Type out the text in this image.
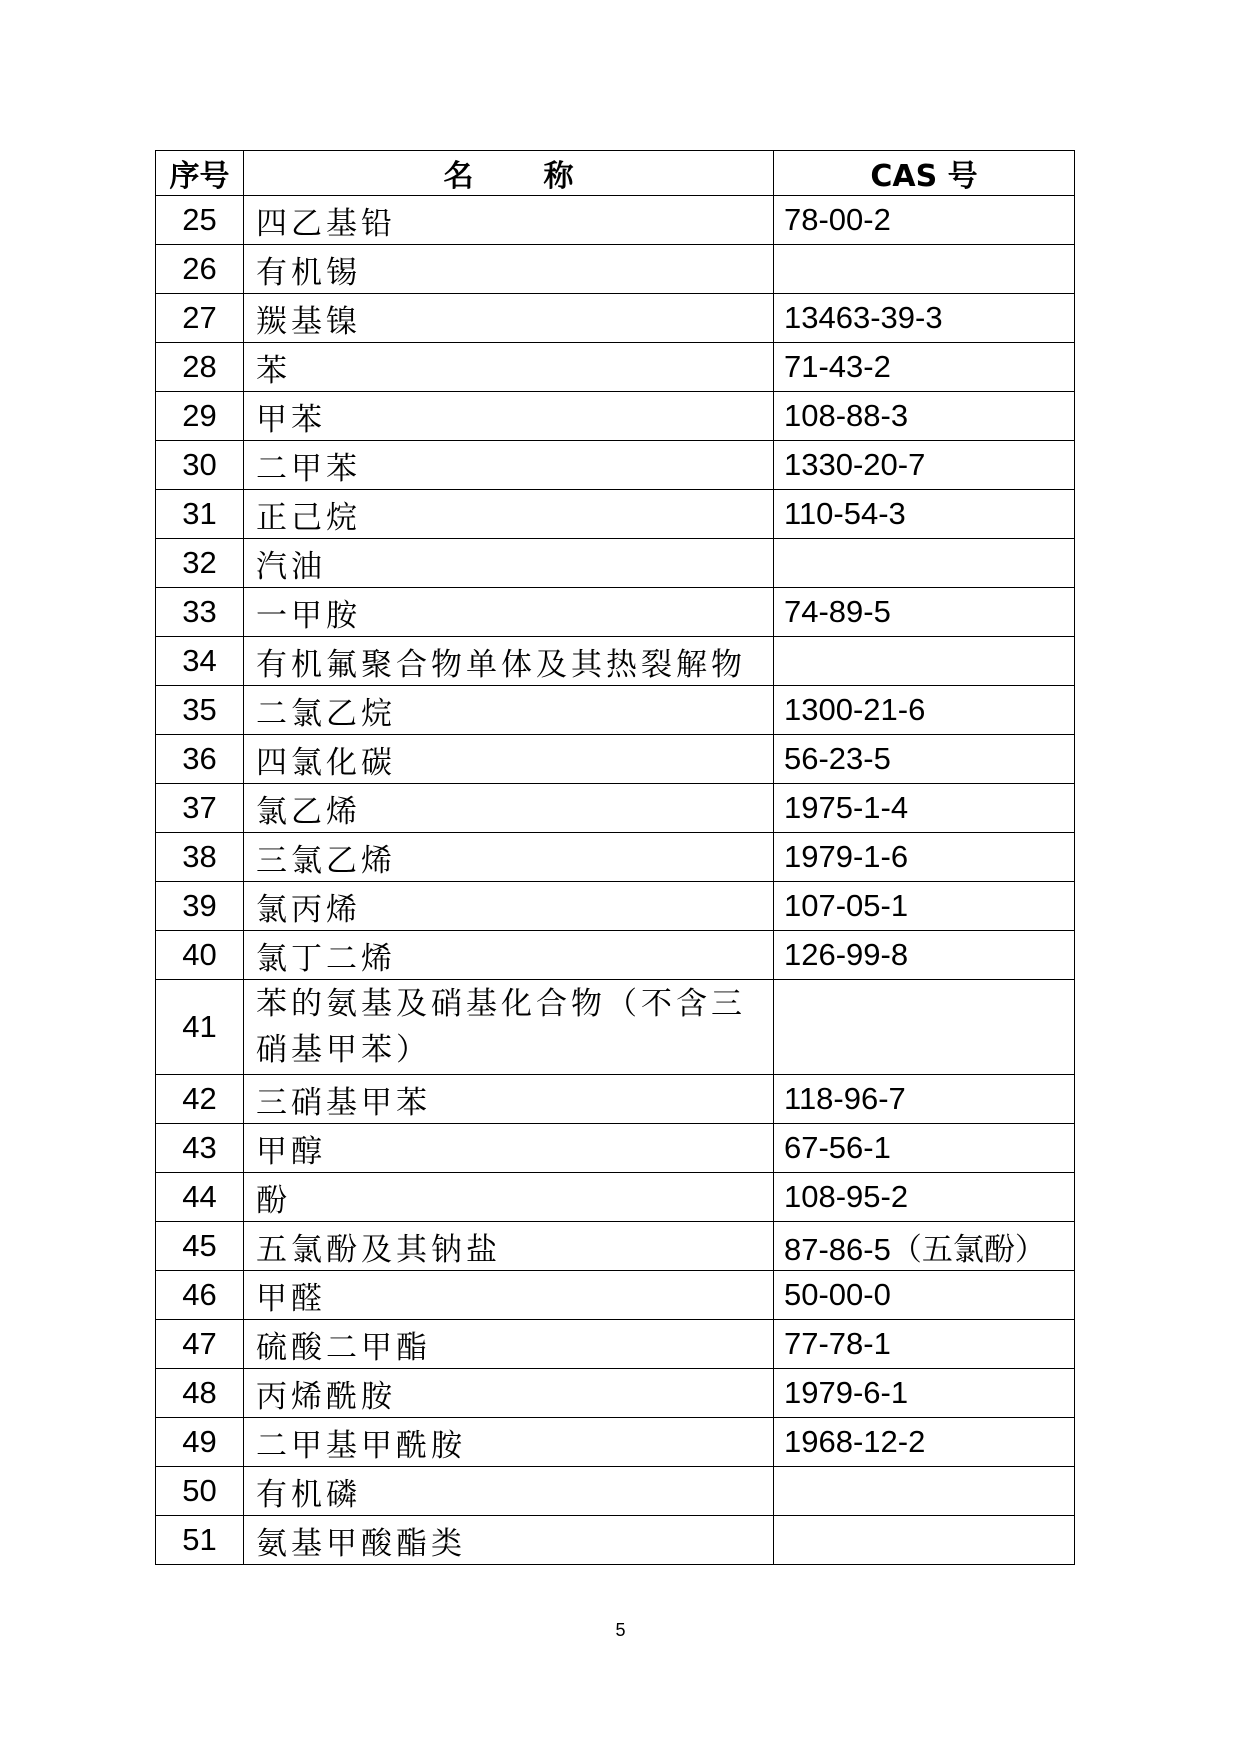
序号	名称	CAS 号
25	四乙基铅	78-00-2
26	有机锡	
27	羰基镍	13463-39-3
28	苯	71-43-2
29	甲苯	108-88-3
30	二甲苯	1330-20-7
31	正己烷	110-54-3
32	汽油	
33	一甲胺	74-89-5
34	有机氟聚合物单体及其热裂解物	
35	二氯乙烷	1300-21-6
36	四氯化碳	56-23-5
37	氯乙烯	1975-1-4
38	三氯乙烯	1979-1-6
39	氯丙烯	107-05-1
40	氯丁二烯	126-99-8
41	苯的氨基及硝基化合物（不含三硝基甲苯）	
42	三硝基甲苯	118-96-7
43	甲醇	67-56-1
44	酚	108-95-2
45	五氯酚及其钠盐	87-86-5（五氯酚）
46	甲醛	50-00-0
47	硫酸二甲酯	77-78-1
48	丙烯酰胺	1979-6-1
49	二甲基甲酰胺	1968-12-2
50	有机磷	
51	氨基甲酸酯类	
5
